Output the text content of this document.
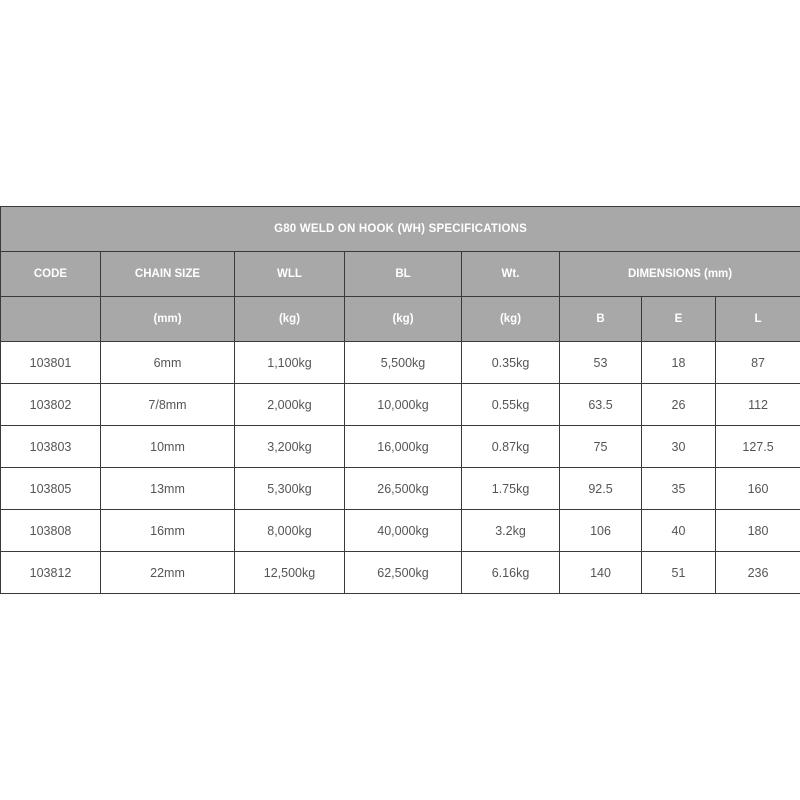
G80 WELD ON HOOK (WH) SPECIFICATIONS							
CODE	CHAIN SIZE	WLL	BL	Wt.	DIMENSIONS (mm)		
	(mm)	(kg)	(kg)	(kg)	B	E	L
103801	6mm	1,100kg	5,500kg	0.35kg	53	18	87
103802	7/8mm	2,000kg	10,000kg	0.55kg	63.5	26	112
103803	10mm	3,200kg	16,000kg	0.87kg	75	30	127.5
103805	13mm	5,300kg	26,500kg	1.75kg	92.5	35	160
103808	16mm	8,000kg	40,000kg	3.2kg	106	40	180
103812	22mm	12,500kg	62,500kg	6.16kg	140	51	236
